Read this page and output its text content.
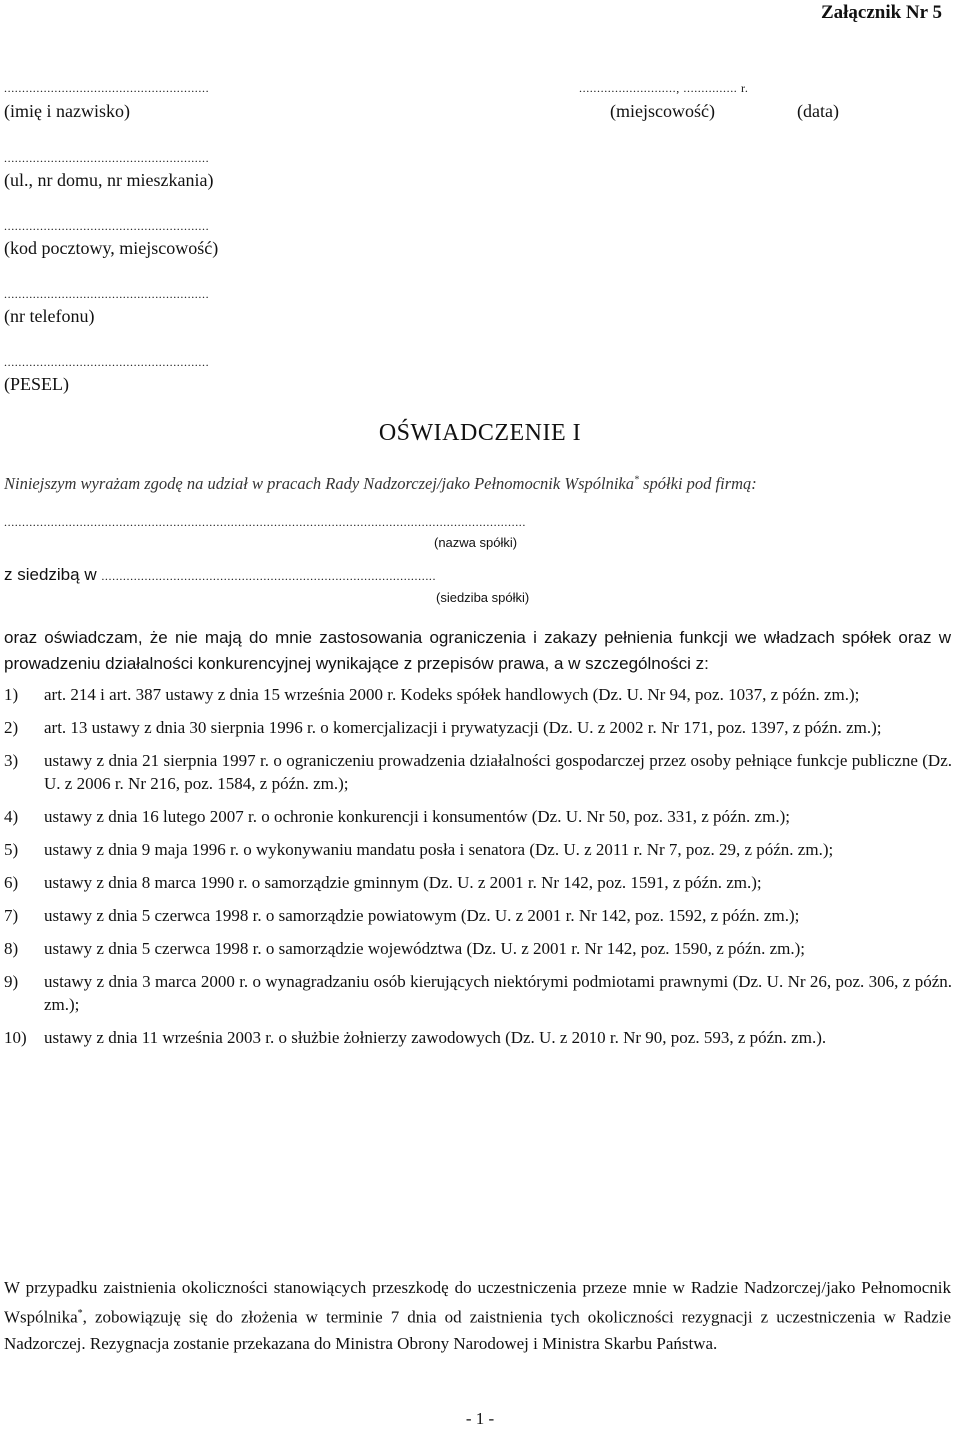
Załącznik Nr 5
..........................., ............... r.
(miejscowość)	(data)
.........................................................
(imię i nazwisko)
.........................................................
(ul., nr domu, nr mieszkania)
.........................................................
(kod pocztowy, miejscowość)
.........................................................
(nr telefonu)
.........................................................
(PESEL)
OŚWIADCZENIE I
Niniejszym wyrażam zgodę na udział w pracach Rady Nadzorczej/jako Pełnomocnik Wspólnika* spółki pod firmą:
.................................................................................................................................................
(nazwa spółki)
z siedzibą w .............................................................................................
(siedziba spółki)
oraz oświadczam, że nie mają do mnie zastosowania ograniczenia i zakazy pełnienia funkcji we władzach spółek oraz w prowadzeniu działalności konkurencyjnej wynikające z przepisów prawa, a w szczególności z:
1) art. 214 i art. 387 ustawy z dnia 15 września 2000 r. Kodeks spółek handlowych (Dz. U. Nr 94, poz. 1037, z późn. zm.);
2) art. 13 ustawy z dnia 30 sierpnia 1996 r. o komercjalizacji i prywatyzacji (Dz. U. z 2002 r. Nr 171, poz. 1397, z późn. zm.);
3) ustawy z dnia 21 sierpnia 1997 r. o ograniczeniu prowadzenia działalności gospodarczej przez osoby pełniące funkcje publiczne (Dz. U. z 2006 r. Nr 216, poz. 1584, z późn. zm.);
4) ustawy z dnia 16 lutego 2007 r. o ochronie konkurencji i konsumentów (Dz. U. Nr 50, poz. 331, z późn. zm.);
5) ustawy z dnia 9 maja 1996 r. o wykonywaniu mandatu posła i senatora (Dz. U. z 2011 r. Nr 7, poz. 29, z późn. zm.);
6) ustawy z dnia 8 marca 1990 r. o samorządzie gminnym (Dz. U. z 2001 r. Nr 142, poz. 1591, z późn. zm.);
7) ustawy z dnia 5 czerwca 1998 r. o samorządzie powiatowym (Dz. U. z 2001 r. Nr 142, poz. 1592, z późn. zm.);
8) ustawy z dnia 5 czerwca 1998 r. o samorządzie województwa (Dz. U. z 2001 r. Nr 142, poz. 1590, z późn. zm.);
9) ustawy z dnia 3 marca 2000 r. o wynagradzaniu osób kierujących niektórymi podmiotami prawnymi (Dz. U. Nr 26, poz. 306, z późn. zm.);
10) ustawy z dnia 11 września 2003 r. o służbie żołnierzy zawodowych (Dz. U. z 2010 r. Nr 90, poz. 593, z późn. zm.).
W przypadku zaistnienia okoliczności stanowiących przeszkodę do uczestniczenia przeze mnie w Radzie Nadzorczej/jako Pełnomocnik Wspólnika*, zobowiązuję się do złożenia w terminie 7 dnia od zaistnienia tych okoliczności rezygnacji z uczestniczenia w Radzie Nadzorczej. Rezygnacja zostanie przekazana do Ministra Obrony Narodowej i Ministra Skarbu Państwa.
- 1 -
